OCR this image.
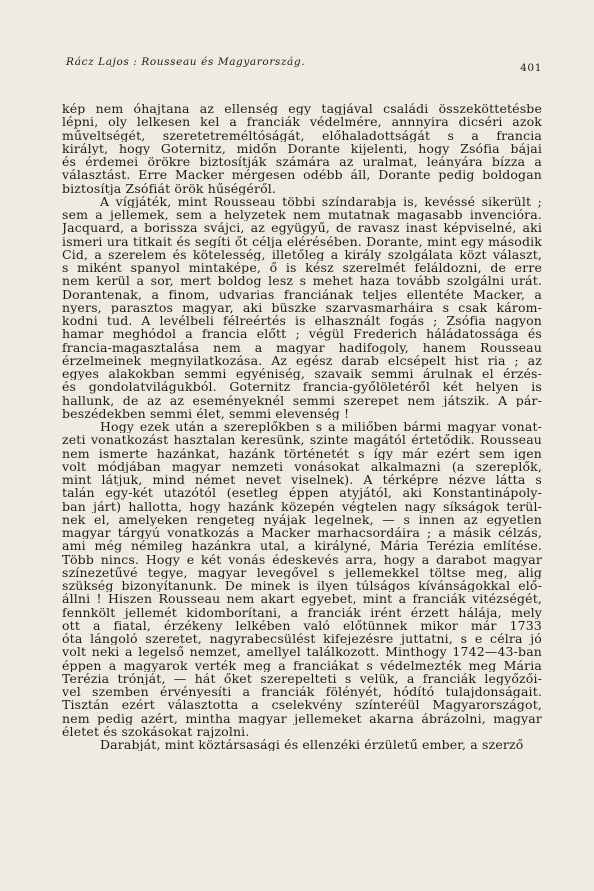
Rácz Lajos : Rousseau és Magyarország.	401

kép nem óhajtana az ellenség egy tagjával családi összeköttetésbe
lépni, oly lelkesen kel a franciák védelmére, annnyira dicséri azok
műveltségét, szeretetreméltóságát, előhaladottságát s a francia
királyt, hogy Goternitz, midőn Dorante kijelenti, hogy Zsófia bájai
és érdemei örökre biztosítják számára az uralmat, leányára bízza a
választást. Erre Macker mérgesen odébb áll, Dorante pedig boldogan
biztosítja Zsófiát örök hűségéről.

A vígjáték, mint Rousseau többi színdarabja is, kevéssé sikerült ;
sem a jellemek, sem a helyzetek nem mutatnak magasabb invencióra.
Jacquard, a borissza svájci, az együgyű, de ravasz inast képviselné, aki
ismeri ura titkait és segíti őt célja elérésében. Dorante, mint egy második
Cid, a szerelem és kötelesség, illetőleg a király szolgálata közt választ,
s miként spanyol mintaképe, ő is kész szerelmét feláldozni, de erre
nem kerül a sor, mert boldog lesz s mehet haza tovább szolgálni urát.
Dorantenak, a finom, udvarias franciának teljes ellentéte Macker, a
nyers, parasztos magyar, aki büszke szarvasmarháira s csak károm-
kodni tud. A levélbeli félreértés is elhasznált fogás ; Zsófia nagyon
hamar meghódol a francia előtt ; végül Frederich háládatossága és
francia-magasztalása nem a magyar hadifogoly, hanem Rousseau
érzelmeinek megnyilatkozása. Az egész darab elcsépelt hist ria ; az
egyes alakokban semmi egyéniség, szavaik semmi árulnak el érzés-
és gondolatvilágukból. Goternitz francia-győlöletéről két helyen is
hallunk, de az az eseményeknél semmi szerepet nem játszik. A pár-
beszédekben semmi élet, semmi elevenség !

Hogy ezek után a szereplőkben s a miliőben bármi magyar vonat-
zeti vonatkozást hasztalan keresünk, szinte magától értetődik. Rousseau
nem ismerte hazánkat, hazánk történetét s így már ezért sem igen
volt módjában magyar nemzeti vonásokat alkalmazni (a szereplők,
mint látjuk, mind német nevet viselnek). A térképre nézve látta s
talán egy-két utazótól (esetleg éppen atyjától, aki Konstantinápoly-
ban járt) hallotta, hogy hazánk közepén végtelen nagy síkságok terül-
nek el, amelyeken rengeteg nyájak legelnek, — s innen az egyetlen
magyar tárgyú vonatkozás a Macker marhacsordáira ; a másik célzás,
ami még némileg hazánkra utal, a királyné, Mária Terézia említése.
Több nincs. Hogy e két vonás édeskevés arra, hogy a darabot magyar
színezetűvé tegye, magyar levegővel s jellemekkel töltse meg, alig
szükség bizonyítanunk. De minek is ilyen túlságos kívánságokkal elő-
állni ! Hiszen Rousseau nem akart egyebet, mint a franciák vitézségét,
fennkölt jellemét kidomborítani, a franciák irént érzett hálája, mely
ott a fiatal, érzékeny lelkében való előtünnek mikor már 1733
óta lángoló szeretet, nagyrabecsülést kifejezésre juttatni, s e célra jó
volt neki a legelső nemzet, amellyel találkozott. Minthogy 1742—43-ban
éppen a magyarok verték meg a franciákat s védelmezték meg Mária
Terézia trónját, — hát őket szerepelteti s velük, a franciák legyőzői-
vel szemben érvényesíti a franciák fölényét, hódító tulajdonságait.
Tisztán ezért választotta a cselekvény színteréül Magyarországot,
nem pedig azért, mintha magyar jellemeket akarna ábrázolni, magyar
életet és szokásokat rajzolni.

Darabját, mint köztársasági és ellenzéki érzületű ember, a szerző
